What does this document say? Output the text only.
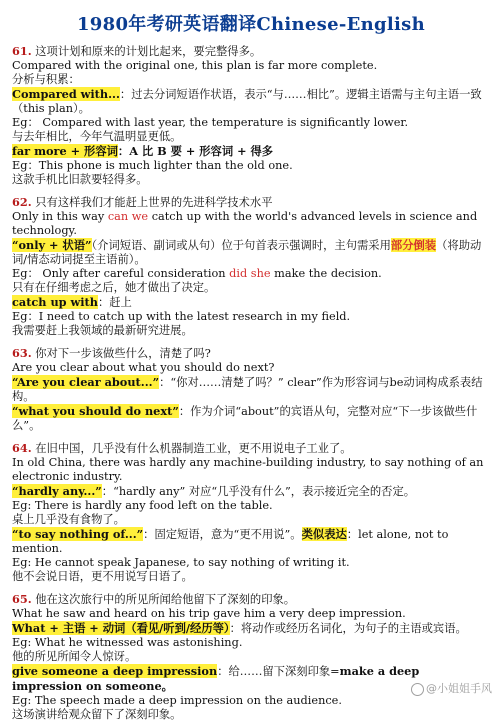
1980年考研英语翻译Chinese-English

61. 这项计划和原来的计划比起来，要完整得多。

Compared with the original one, this plan is far more complete.

分析与积累：

Compared with...：过去分词短语作状语，表示“与……相比”。逻辑主语需与主句主语一致（this plan）。

Eg： Compared with last year, the temperature is significantly lower.

与去年相比，今年气温明显更低。

far more + 形容词：A 比 B 要 + 形容词 + 得多

Eg：This phone is much lighter than the old one.

这款手机比旧款要轻得多。

62. 只有这样我们才能赶上世界的先进科学技术水平

Only in this way can we catch up with the world's advanced levels in science and technology.

“only + 状语”（介词短语、副词或从句）位于句首表示强调时，主句需采用部分倒装（将助动词/情态动词提至主语前）。

Eg： Only after careful consideration did she make the decision.

只有在仔细考虑之后，她才做出了决定。

catch up with：赶上

Eg：I need to catch up with the latest research in my field.

我需要赶上我领域的最新研究进展。

63. 你对下一步该做些什么，清楚了吗?

Are you clear about what you should do next?

“Are you clear about...”：“你对……清楚了吗？” clear”作为形容词与be动词构成系表结构。

“what you should do next”：作为介词“about”的宾语从句，完整对应“下一步该做些什么”。

64. 在旧中国，几乎没有什么机器制造工业，更不用说电子工业了。

In old China, there was hardly any machine-building industry, to say nothing of an electronic industry.

“hardly any...”：“hardly any” 对应“几乎没有什么”，表示接近完全的否定。

Eg: There is hardly any food left on the table.

桌上几乎没有食物了。

“to say nothing of...”：固定短语，意为“更不用说”。类似表达：let alone, not to mention.

Eg: He cannot speak Japanese, to say nothing of writing it.

他不会说日语，更不用说写日语了。

65. 他在这次旅行中的所见所闻给他留下了深刻的印象。

What he saw and heard on his trip gave him a very deep impression.

What + 主语 + 动词（看见/听到/经历等）：将动作或经历名词化，为句子的主语或宾语。

Eg: What he witnessed was astonishing.

他的所见所闻令人惊讶。

give someone a deep impression：给……留下深刻印象=make a deep impression on someone。

Eg: The speech made a deep impression on the audience.

这场演讲给观众留下了深刻印象。

@小姐姐手风
